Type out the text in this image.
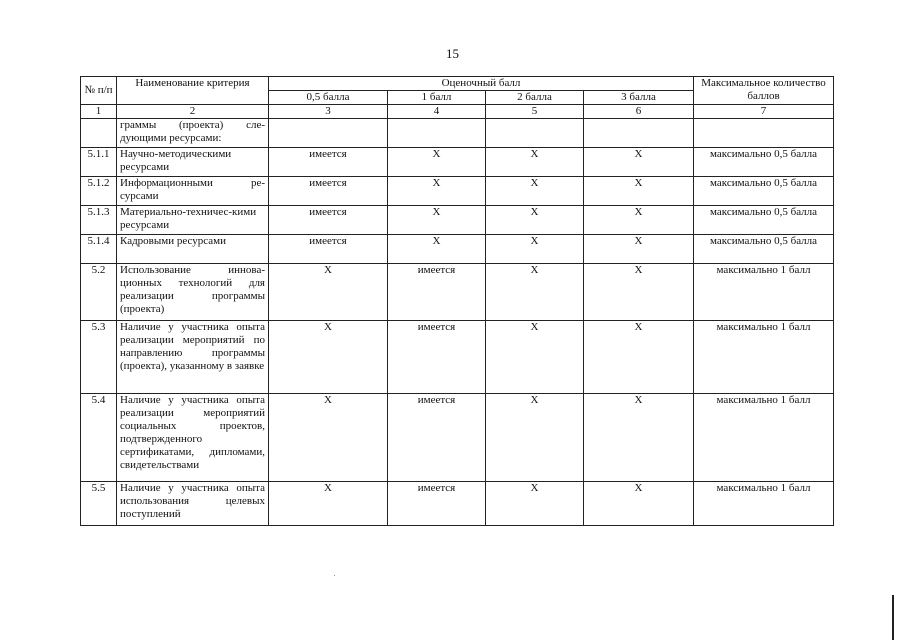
15
№ п/п	Наименование критерия	Оценочный балл				Максимальное количество баллов
		0,5 балла	1 балл	2 балла	3 балла	
1	2	3	4	5	6	7
	граммы (проекта) сле-дующими ресурсами:					
5.1.1	Научно-методическими ресурсами	имеется	X	X	X	максимально 0,5 балла
5.1.2	Информационными ре-сурсами	имеется	X	X	X	максимально 0,5 балла
5.1.3	Материально-техничес-кими ресурсами	имеется	X	X	X	максимально 0,5 балла
5.1.4	Кадровыми ресурсами	имеется	X	X	X	максимально 0,5 балла
5.2	Использование иннова-ционных технологий для реализации программы (проекта)	X	имеется	X	X	максимально 1 балл
5.3	Наличие у участника опыта реализации мероприятий по направлению программы (проекта), указанному в заявке	X	имеется	X	X	максимально 1 балл
5.4	Наличие у участника опыта реализации мероприятий социальных проектов, подтвержденного сертификатами, дипломами, свидетельствами	X	имеется	X	X	максимально 1 балл
5.5	Наличие у участника опыта использования целевых поступлений	X	имеется	X	X	максимально 1 балл
